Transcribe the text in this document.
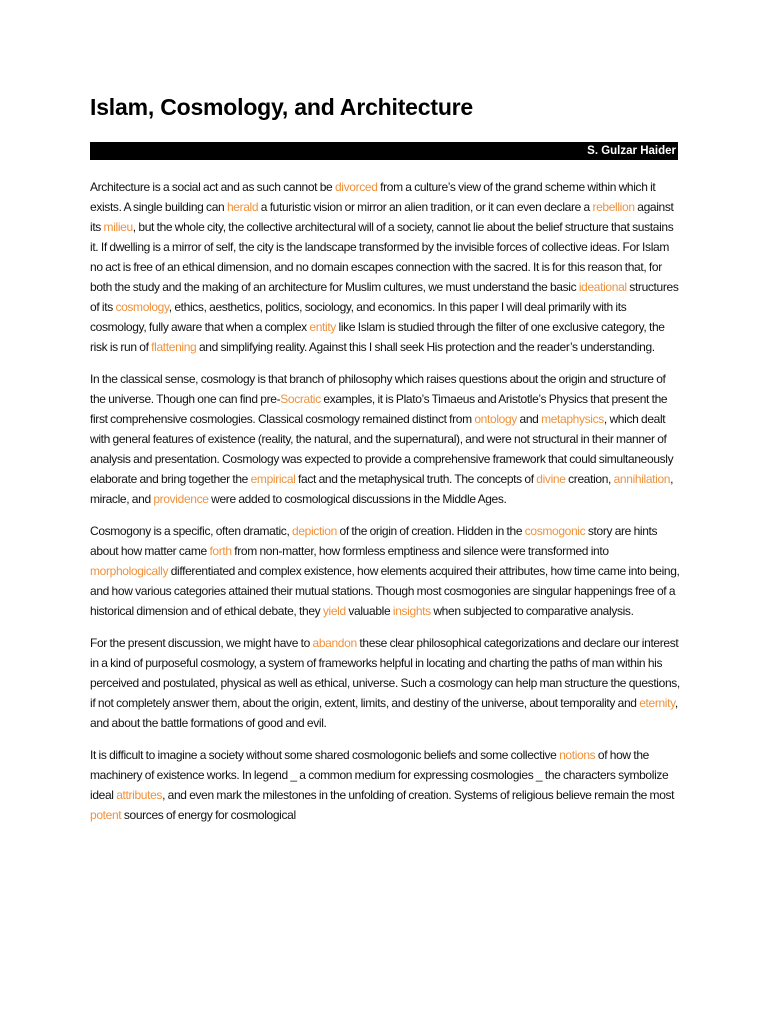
Islam, Cosmology, and Architecture
S. Gulzar Haider

Architecture is a social act and as such cannot be divorced from a culture’s view of the grand scheme within which it exists. A single building can herald a futuristic vision or mirror an alien tradition, or it can even declare a rebellion against its milieu, but the whole city, the collective architectural will of a society, cannot lie about the belief structure that sustains it. If dwelling is a mirror of self, the city is the landscape transformed by the invisible forces of collective ideas. For Islam no act is free of an ethical dimension, and no domain escapes connection with the sacred. It is for this reason that, for both the study and the making of an architecture for Muslim cultures, we must understand the basic ideational structures of its cosmology, ethics, aesthetics, politics, sociology, and economics. In this paper I will deal primarily with its cosmology, fully aware that when a complex entity like Islam is studied through the filter of one exclusive category, the risk is run of flattening and simplifying reality. Against this I shall seek His protection and the reader’s understanding.

In the classical sense, cosmology is that branch of philosophy which raises questions about the origin and structure of the universe. Though one can find pre-Socratic examples, it is Plato’s Timaeus and Aristotle’s Physics that present the first comprehensive cosmologies. Classical cosmology remained distinct from ontology and metaphysics, which dealt with general features of existence (reality, the natural, and the supernatural), and were not structural in their manner of analysis and presentation. Cosmology was expected to provide a comprehensive framework that could simultaneously elaborate and bring together the empirical fact and the metaphysical truth. The concepts of divine creation, annihilation, miracle, and providence were added to cosmological discussions in the Middle Ages.

Cosmogony is a specific, often dramatic, depiction of the origin of creation. Hidden in the cosmogonic story are hints about how matter came forth from non-matter, how formless emptiness and silence were transformed into morphologically differentiated and complex existence, how elements acquired their attributes, how time came into being, and how various categories attained their mutual stations. Though most cosmogonies are singular happenings free of a historical dimension and of ethical debate, they yield valuable insights when subjected to comparative analysis.

For the present discussion, we might have to abandon these clear philosophical categorizations and declare our interest in a kind of purposeful cosmology, a system of frameworks helpful in locating and charting the paths of man within his perceived and postulated, physical as well as ethical, universe. Such a cosmology can help man structure the questions, if not completely answer them, about the origin, extent, limits, and destiny of the universe, about temporality and eternity, and about the battle formations of good and evil.

It is difficult to imagine a society without some shared cosmologonic beliefs and some collective notions of how the machinery of existence works. In legend _ a common medium for expressing cosmologies _ the characters symbolize ideal attributes, and even mark the milestones in the unfolding of creation. Systems of religious believe remain the most potent sources of energy for cosmological
